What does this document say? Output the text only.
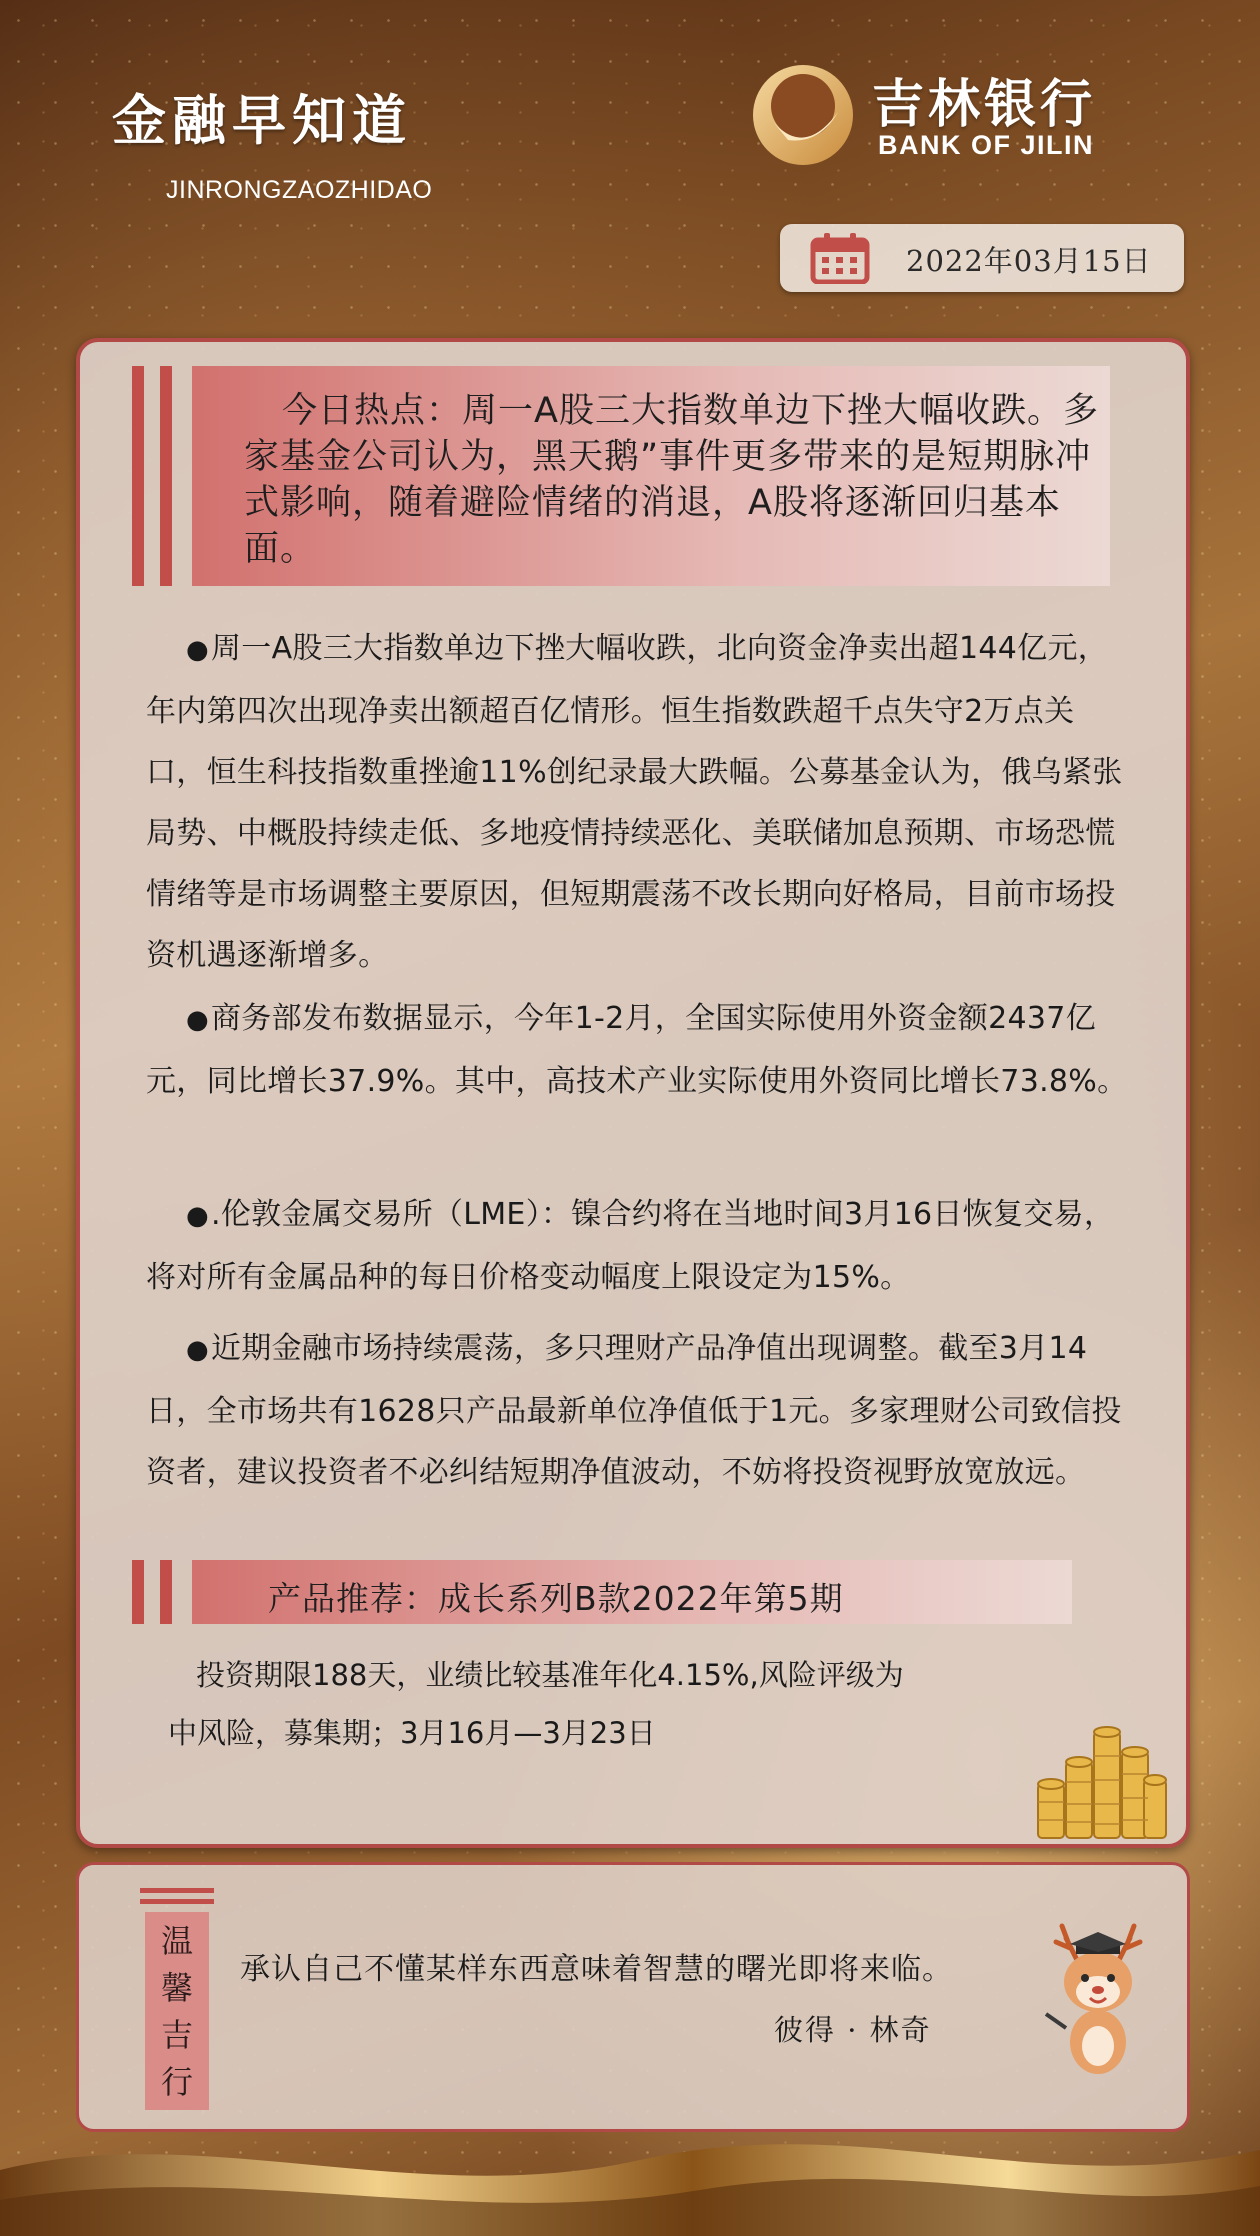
金融早知道
JINRONGZAOZHIDAO
吉林银行
BANK OF JILIN
2022年03月15日
今日热点：周一A股三大指数单边下挫大幅收跌。多家基金公司认为，黑天鹅”事件更多带来的是短期脉冲式影响，随着避险情绪的消退，A股将逐渐回归基本面。
●周一A股三大指数单边下挫大幅收跌，北向资金净卖出超144亿元，年内第四次出现净卖出额超百亿情形。恒生指数跌超千点失守2万点关口，恒生科技指数重挫逾11%创纪录最大跌幅。公募基金认为，俄乌紧张局势、中概股持续走低、多地疫情持续恶化、美联储加息预期、市场恐慌情绪等是市场调整主要原因，但短期震荡不改长期向好格局，目前市场投资机遇逐渐增多。
●商务部发布数据显示，今年1-2月，全国实际使用外资金额2437亿元，同比增长37.9%。其中，高技术产业实际使用外资同比增长73.8%。
●.伦敦金属交易所（LME）：镍合约将在当地时间3月16日恢复交易，将对所有金属品种的每日价格变动幅度上限设定为15%。
●近期金融市场持续震荡，多只理财产品净值出现调整。截至3月14日，全市场共有1628只产品最新单位净值低于1元。多家理财公司致信投资者，建议投资者不必纠结短期净值波动，不妨将投资视野放宽放远。
产品推荐：成长系列B款2022年第5期
投资期限188天，业绩比较基准年化4.15%,风险评级为
中风险，募集期；3月16月—3月23日
温
馨
吉
行
承认自己不懂某样东西意味着智慧的曙光即将来临。
彼得 · 林奇
